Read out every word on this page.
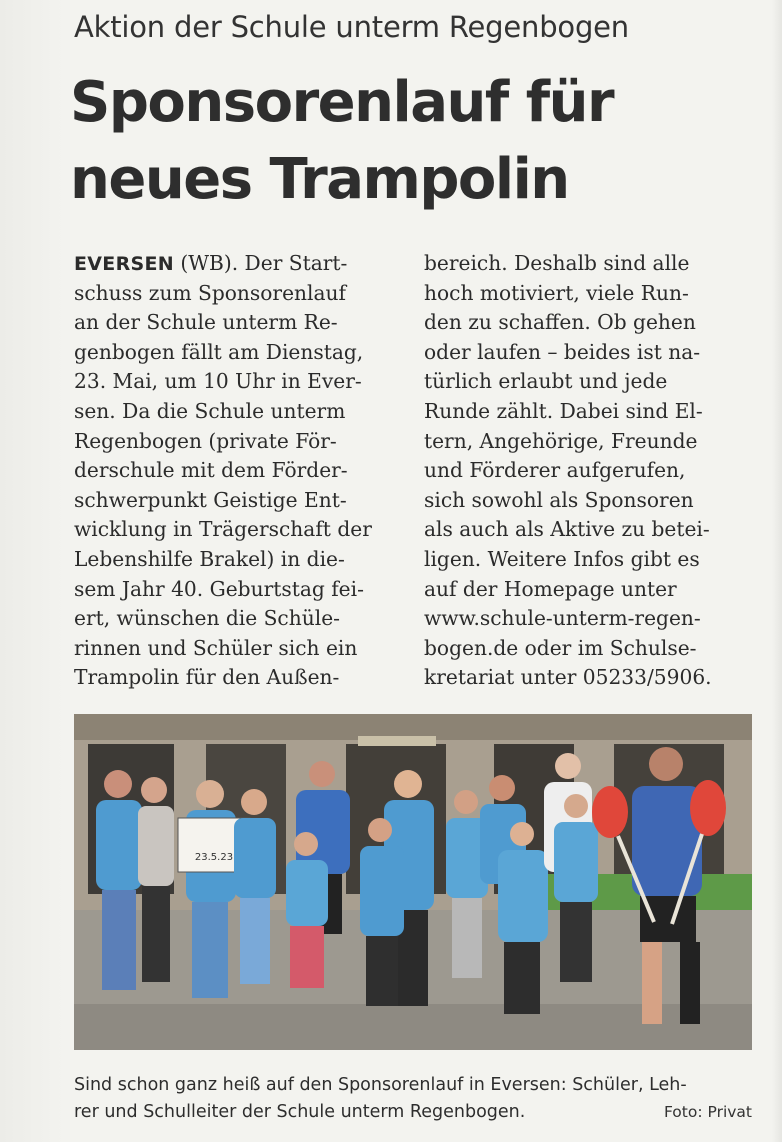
Aktion der Schule unterm Regenbogen
Sponsorenlauf für
neues Trampolin
EVERSEN (WB). Der Start-
schuss zum Sponsorenlauf
an der Schule unterm Re-
genbogen fällt am Dienstag,
23. Mai, um 10 Uhr in Ever-
sen. Da die Schule unterm
Regenbogen (private För-
derschule mit dem Förder-
schwerpunkt Geistige Ent-
wicklung in Trägerschaft der
Lebenshilfe Brakel) in die-
sem Jahr 40. Geburtstag fei-
ert, wünschen die Schüle-
rinnen und Schüler sich ein
Trampolin für den Außen-
bereich. Deshalb sind alle
hoch motiviert, viele Run-
den zu schaffen. Ob gehen
oder laufen – beides ist na-
türlich erlaubt und jede
Runde zählt. Dabei sind El-
tern, Angehörige, Freunde
und Förderer aufgerufen,
sich sowohl als Sponsoren
als auch als Aktive zu betei-
ligen. Weitere Infos gibt es
auf der Homepage unter
www.schule-unterm-regen-
bogen.de oder im Schulse-
kretariat unter 05233/5906.
23.5.23
Sind schon ganz heiß auf den Sponsorenlauf in Eversen: Schüler, Leh-
rer und Schulleiter der Schule unterm Regenbogen.	Foto: Privat
